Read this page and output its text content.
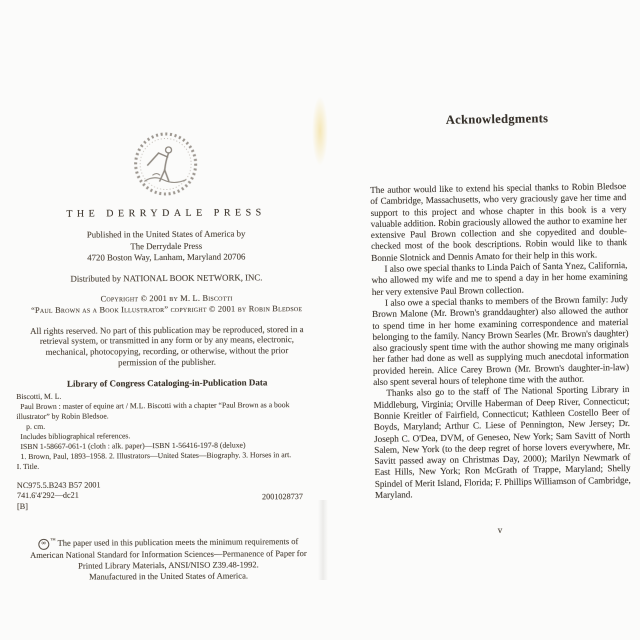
THE DERRYDALE PRESS
Published in the United States of America by
The Derrydale Press
4720 Boston Way, Lanham, Maryland 20706
Distributed by NATIONAL BOOK NETWORK, INC.
Copyright © 2001 by M. L. Biscotti
“Paul Brown as a Book Illustrator” copyright © 2001 by Robin Bledsoe
All rights reserved. No part of this publication may be reproduced, stored in a retrieval system, or transmitted in any form or by any means, electronic, mechanical, photocopying, recording, or otherwise, without the prior permission of the publisher.
Library of Congress Cataloging-in-Publication Data
Biscotti, M. L.
Paul Brown : master of equine art / M.L. Biscotti with a chapter “Paul Brown as a book
illustrator” by Robin Bledsoe.
p. cm.
Includes bibliographical references.
ISBN 1-58667-061-1 (cloth : alk. paper)—ISBN 1-56416-197-8 (deluxe)
1. Brown, Paul, 1893–1958. 2. Illustrators—United States—Biography. 3. Horses in art.
I. Title.
NC975.5.B243 B57 2001
741.6'4'292—dc21
[B]
2001028737
∞ ™ The paper used in this publication meets the minimum requirements of American National Standard for Information Sciences—Permanence of Paper for Printed Library Materials, ANSI/NISO Z39.48-1992.
Manufactured in the United States of America.
Acknowledgments

The author would like to extend his special thanks to Robin Bledsoe of Cambridge, Massachusetts, who very graciously gave her time and support to this project and whose chapter in this book is a very valuable addition. Robin graciously allowed the author to examine her extensive Paul Brown collection and she copyedited and double-checked most of the book descriptions. Robin would like to thank Bonnie Slotnick and Dennis Amato for their help in this work.

I also owe special thanks to Linda Paich of Santa Ynez, California, who allowed my wife and me to spend a day in her home examining her very extensive Paul Brown collection.

I also owe a special thanks to members of the Brown family: Judy Brown Malone (Mr. Brown's granddaughter) also allowed the author to spend time in her home examining correspondence and material belonging to the family. Nancy Brown Searles (Mr. Brown's daughter) also graciously spent time with the author showing me many originals her father had done as well as supplying much anecdotal information provided herein. Alice Carey Brown (Mr. Brown's daughter-in-law) also spent several hours of telephone time with the author.

Thanks also go to the staff of The National Sporting Library in Middleburg, Virginia; Orville Haberman of Deep River, Connecticut; Bonnie Kreitler of Fairfield, Connecticut; Kathleen Costello Beer of Boyds, Maryland; Arthur C. Liese of Pennington, New Jersey; Dr. Joseph C. O'Dea, DVM, of Geneseo, New York; Sam Savitt of North Salem, New York (to the deep regret of horse lovers everywhere, Mr. Savitt passed away on Christmas Day, 2000); Marilyn Newmark of East Hills, New York; Ron McGrath of Trappe, Maryland; Shelly Spindel of Merit Island, Florida; F. Phillips Williamson of Cambridge, Maryland.

v
